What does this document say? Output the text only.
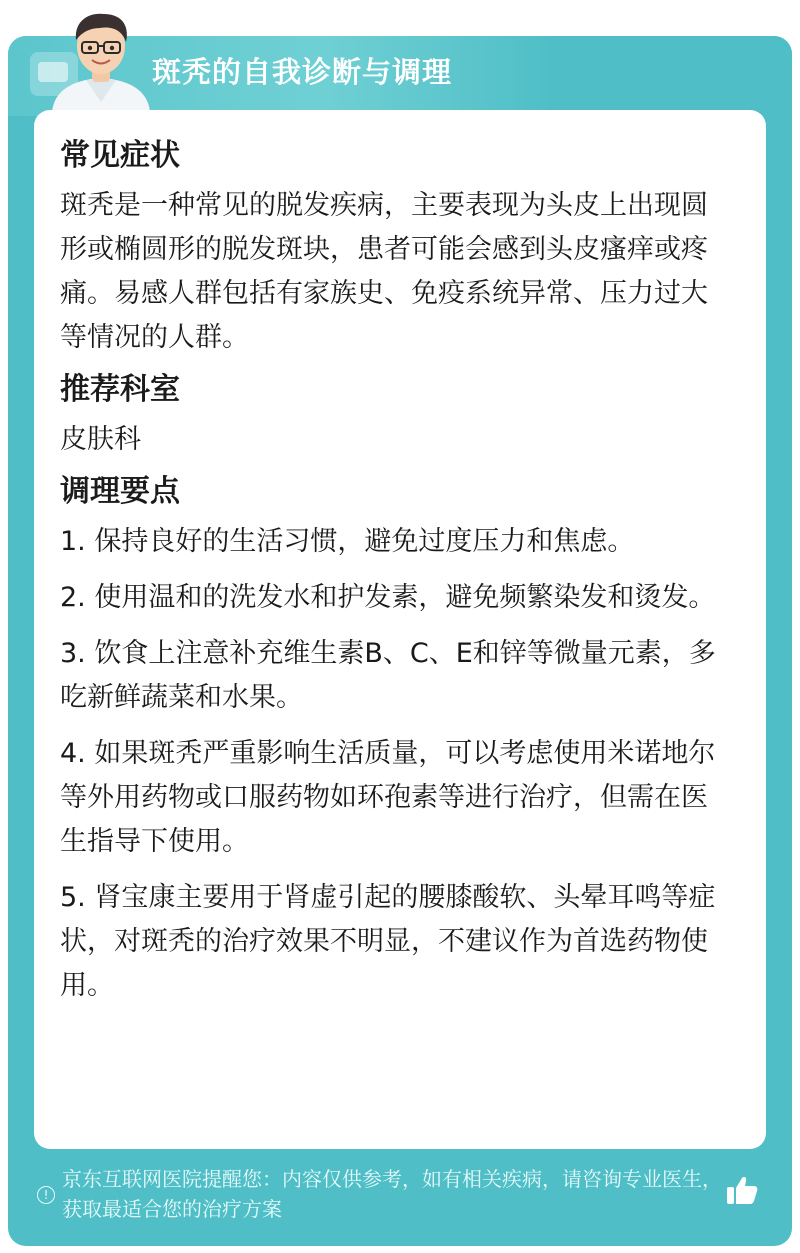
斑秃的自我诊断与调理
常见症状

斑秃是一种常见的脱发疾病，主要表现为头皮上出现圆形或椭圆形的脱发斑块，患者可能会感到头皮瘙痒或疼痛。易感人群包括有家族史、免疫系统异常、压力过大等情况的人群。

推荐科室

皮肤科

调理要点
1. 保持良好的生活习惯，避免过度压力和焦虑。
2. 使用温和的洗发水和护发素，避免频繁染发和烫发。
3. 饮食上注意补充维生素B、C、E和锌等微量元素，多吃新鲜蔬菜和水果。
4. 如果斑秃严重影响生活质量，可以考虑使用米诺地尔等外用药物或口服药物如环孢素等进行治疗，但需在医生指导下使用。
5. 肾宝康主要用于肾虚引起的腰膝酸软、头晕耳鸣等症状，对斑秃的治疗效果不明显，不建议作为首选药物使用。
!
京东互联网医院提醒您：内容仅供参考，如有相关疾病，请咨询专业医生，获取最适合您的治疗方案
